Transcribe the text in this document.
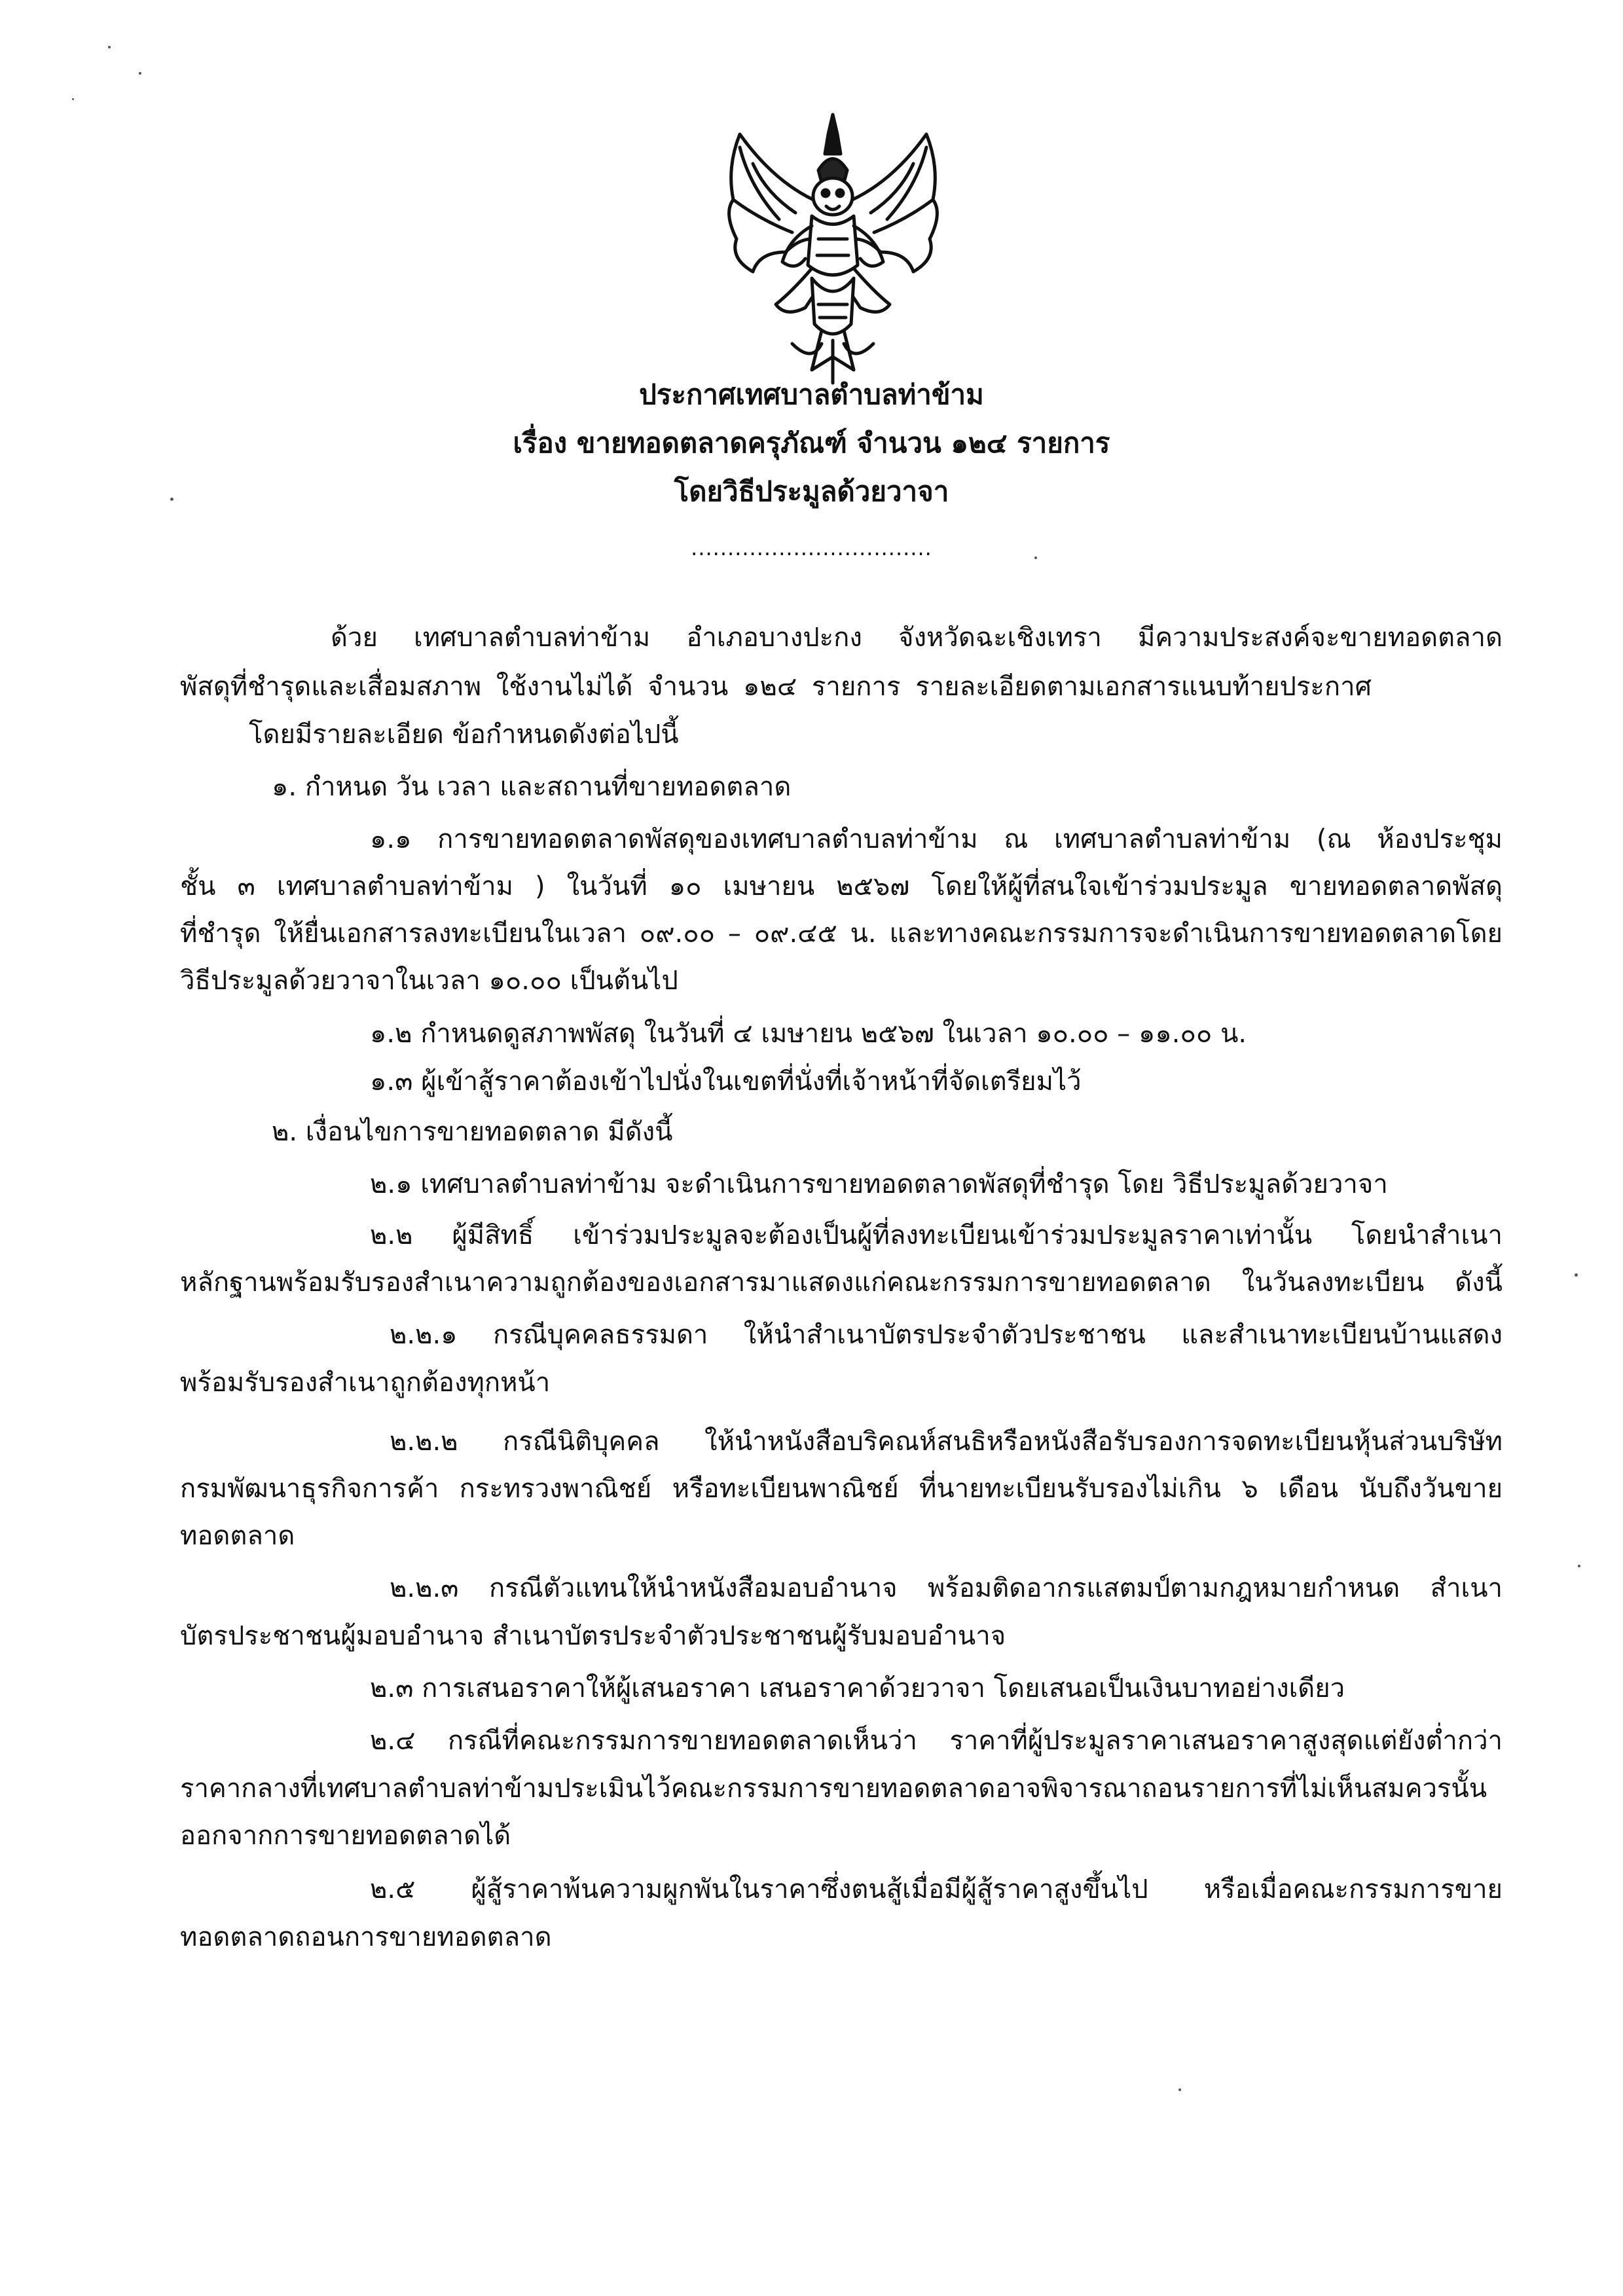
ประกาศเทศบาลตำบลท่าข้าม
เรื่อง ขายทอดตลาดครุภัณฑ์ จำนวน ๑๒๔ รายการ
โดยวิธีประมูลด้วยวาจา
.................................
ด้วย เทศบาลตำบลท่าข้าม อำเภอบางปะกง จังหวัดฉะเชิงเทรา มีความประสงค์จะขายทอดตลาด
พัสดุที่ชำรุดและเสื่อมสภาพ ใช้งานไม่ได้ จำนวน ๑๒๔ รายการ รายละเอียดตามเอกสารแนบท้ายประกาศ
โดยมีรายละเอียด ข้อกำหนดดังต่อไปนี้
๑. กำหนด วัน เวลา และสถานที่ขายทอดตลาด
๑.๑ การขายทอดตลาดพัสดุของเทศบาลตำบลท่าข้าม ณ เทศบาลตำบลท่าข้าม (ณ ห้องประชุม
ชั้น ๓ เทศบาลตำบลท่าข้าม ) ในวันที่ ๑๐ เมษายน ๒๕๖๗ โดยให้ผู้ที่สนใจเข้าร่วมประมูล ขายทอดตลาดพัสดุ
ที่ชำรุด ให้ยื่นเอกสารลงทะเบียนในเวลา ๐๙.๐๐ – ๐๙.๔๕ น. และทางคณะกรรมการจะดำเนินการขายทอดตลาดโดย
วิธีประมูลด้วยวาจาในเวลา ๑๐.๐๐ เป็นต้นไป
๑.๒ กำหนดดูสภาพพัสดุ ในวันที่ ๔ เมษายน ๒๕๖๗ ในเวลา ๑๐.๐๐ – ๑๑.๐๐ น.
๑.๓ ผู้เข้าสู้ราคาต้องเข้าไปนั่งในเขตที่นั่งที่เจ้าหน้าที่จัดเตรียมไว้
๒. เงื่อนไขการขายทอดตลาด มีดังนี้
๒.๑ เทศบาลตำบลท่าข้าม จะดำเนินการขายทอดตลาดพัสดุที่ชำรุด โดย วิธีประมูลด้วยวาจา
๒.๒ ผู้มีสิทธิ์ เข้าร่วมประมูลจะต้องเป็นผู้ที่ลงทะเบียนเข้าร่วมประมูลราคาเท่านั้น โดยนำสำเนา
หลักฐานพร้อมรับรองสำเนาความถูกต้องของเอกสารมาแสดงแก่คณะกรรมการขายทอดตลาด ในวันลงทะเบียน ดังนี้
๒.๒.๑ กรณีบุคคลธรรมดา ให้นำสำเนาบัตรประจำตัวประชาชน และสำเนาทะเบียนบ้านแสดง
พร้อมรับรองสำเนาถูกต้องทุกหน้า
๒.๒.๒ กรณีนิติบุคคล ให้นำหนังสือบริคณห์สนธิหรือหนังสือรับรองการจดทะเบียนหุ้นส่วนบริษัท
กรมพัฒนาธุรกิจการค้า กระทรวงพาณิชย์ หรือทะเบียนพาณิชย์ ที่นายทะเบียนรับรองไม่เกิน ๖ เดือน นับถึงวันขาย
ทอดตลาด
๒.๒.๓ กรณีตัวแทนให้นำหนังสือมอบอำนาจ พร้อมติดอากรแสตมป์ตามกฎหมายกำหนด สำเนา
บัตรประชาชนผู้มอบอำนาจ สำเนาบัตรประจำตัวประชาชนผู้รับมอบอำนาจ
๒.๓ การเสนอราคาให้ผู้เสนอราคา เสนอราคาด้วยวาจา โดยเสนอเป็นเงินบาทอย่างเดียว
๒.๔ กรณีที่คณะกรรมการขายทอดตลาดเห็นว่า ราคาที่ผู้ประมูลราคาเสนอราคาสูงสุดแต่ยังต่ำกว่า
ราคากลางที่เทศบาลตำบลท่าข้ามประเมินไว้คณะกรรมการขายทอดตลาดอาจพิจารณาถอนรายการที่ไม่เห็นสมควรนั้น
ออกจากการขายทอดตลาดได้
๒.๕ ผู้สู้ราคาพ้นความผูกพันในราคาซึ่งตนสู้เมื่อมีผู้สู้ราคาสูงขึ้นไป หรือเมื่อคณะกรรมการขาย
ทอดตลาดถอนการขายทอดตลาด
